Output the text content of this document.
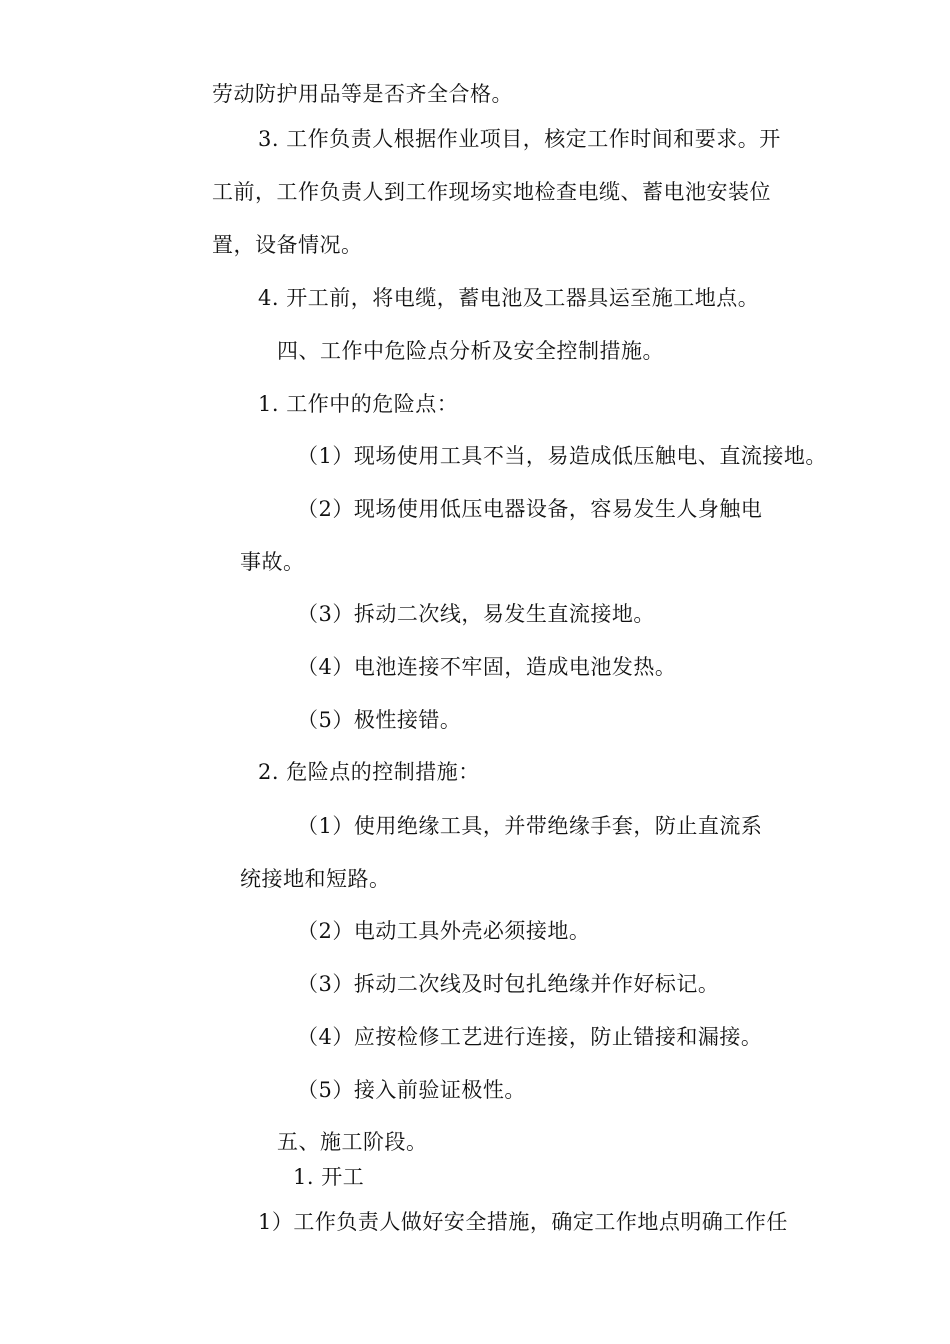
劳动防护用品等是否齐全合格。
3. 工作负责人根据作业项目，核定工作时间和要求。开
工前，工作负责人到工作现场实地检查电缆、蓄电池安装位
置，设备情况。
4. 开工前，将电缆，蓄电池及工器具运至施工地点。
四、工作中危险点分析及安全控制措施。
1. 工作中的危险点：
（1）现场使用工具不当，易造成低压触电、直流接地。
（2）现场使用低压电器设备，容易发生人身触电
事故。
（3）拆动二次线，易发生直流接地。
（4）电池连接不牢固，造成电池发热。
（5）极性接错。
2. 危险点的控制措施：
（1）使用绝缘工具，并带绝缘手套，防止直流系
统接地和短路。
（2）电动工具外壳必须接地。
（3）拆动二次线及时包扎绝缘并作好标记。
（4）应按检修工艺进行连接，防止错接和漏接。
（5）接入前验证极性。
五、施工阶段。
1. 开工
1）工作负责人做好安全措施，确定工作地点明确工作任
